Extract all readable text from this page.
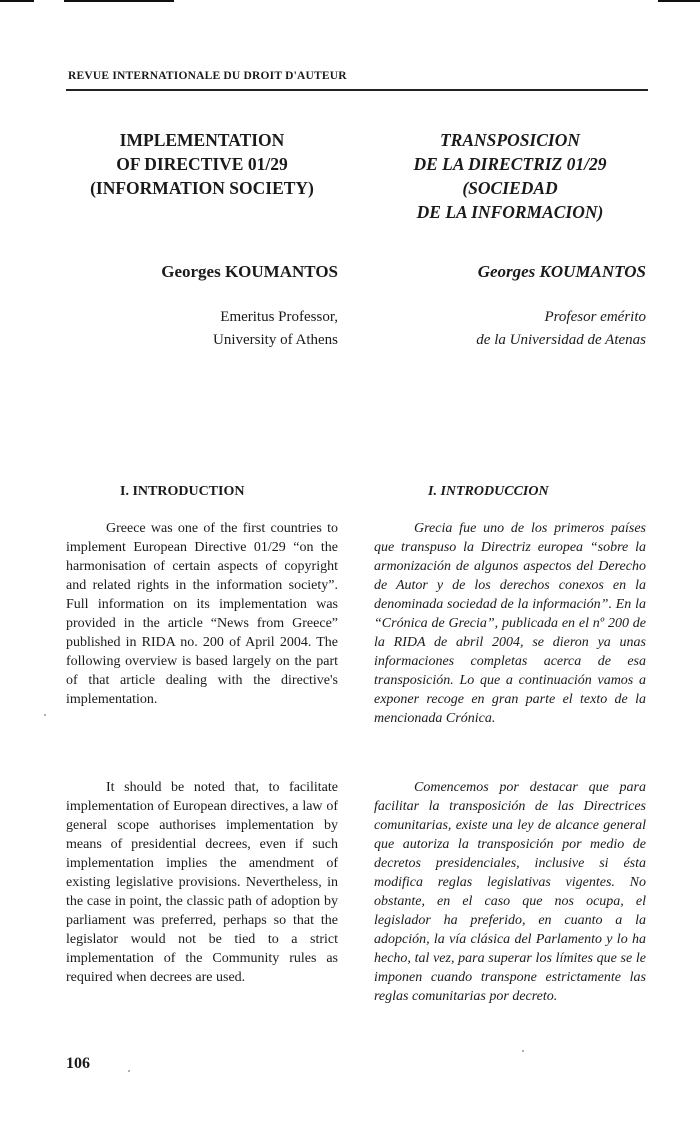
REVUE INTERNATIONALE DU DROIT D'AUTEUR
IMPLEMENTATION
OF DIRECTIVE 01/29
(INFORMATION SOCIETY)
Georges KOUMANTOS
Emeritus Professor,
University of Athens
I. INTRODUCTION

Greece was one of the first countries to implement European Directive 01/29 “on the harmonisation of certain aspects of copyright and related rights in the information society”. Full information on its implementation was provided in the article “News from Greece” published in RIDA no. 200 of April 2004. The following overview is based largely on the part of that article dealing with the directive's implementation.

It should be noted that, to facilitate implementation of European directives, a law of general scope authorises implementation by means of presidential decrees, even if such implementation implies the amendment of existing legislative provisions. Nevertheless, in the case in point, the classic path of adoption by parliament was preferred, perhaps so that the legislator would not be tied to a strict implementation of the Community rules as required when decrees are used.

TRANSPOSICION
DE LA DIRECTRIZ 01/29
(SOCIEDAD
DE LA INFORMACION)
Georges KOUMANTOS
Profesor emérito
de la Universidad de Atenas
I. INTRODUCCION

Grecia fue uno de los primeros países que transpuso la Directriz europea “sobre la armonización de algunos aspectos del Derecho de Autor y de los derechos conexos en la denominada sociedad de la información”. En la “Crónica de Grecia”, publicada en el nº 200 de la RIDA de abril 2004, se dieron ya unas informaciones completas acerca de esa transposición. Lo que a continuación vamos a exponer recoge en gran parte el texto de la mencionada Crónica.

Comencemos por destacar que para facilitar la transposición de las Directrices comunitarias, existe una ley de alcance general que autoriza la transposición por medio de decretos presidenciales, inclusive si ésta modifica reglas legislativas vigentes. No obstante, en el caso que nos ocupa, el legislador ha preferido, en cuanto a la adopción, la vía clásica del Parlamento y lo ha hecho, tal vez, para superar los límites que se le imponen cuando transpone estrictamente las reglas comunitarias por decreto.

106
